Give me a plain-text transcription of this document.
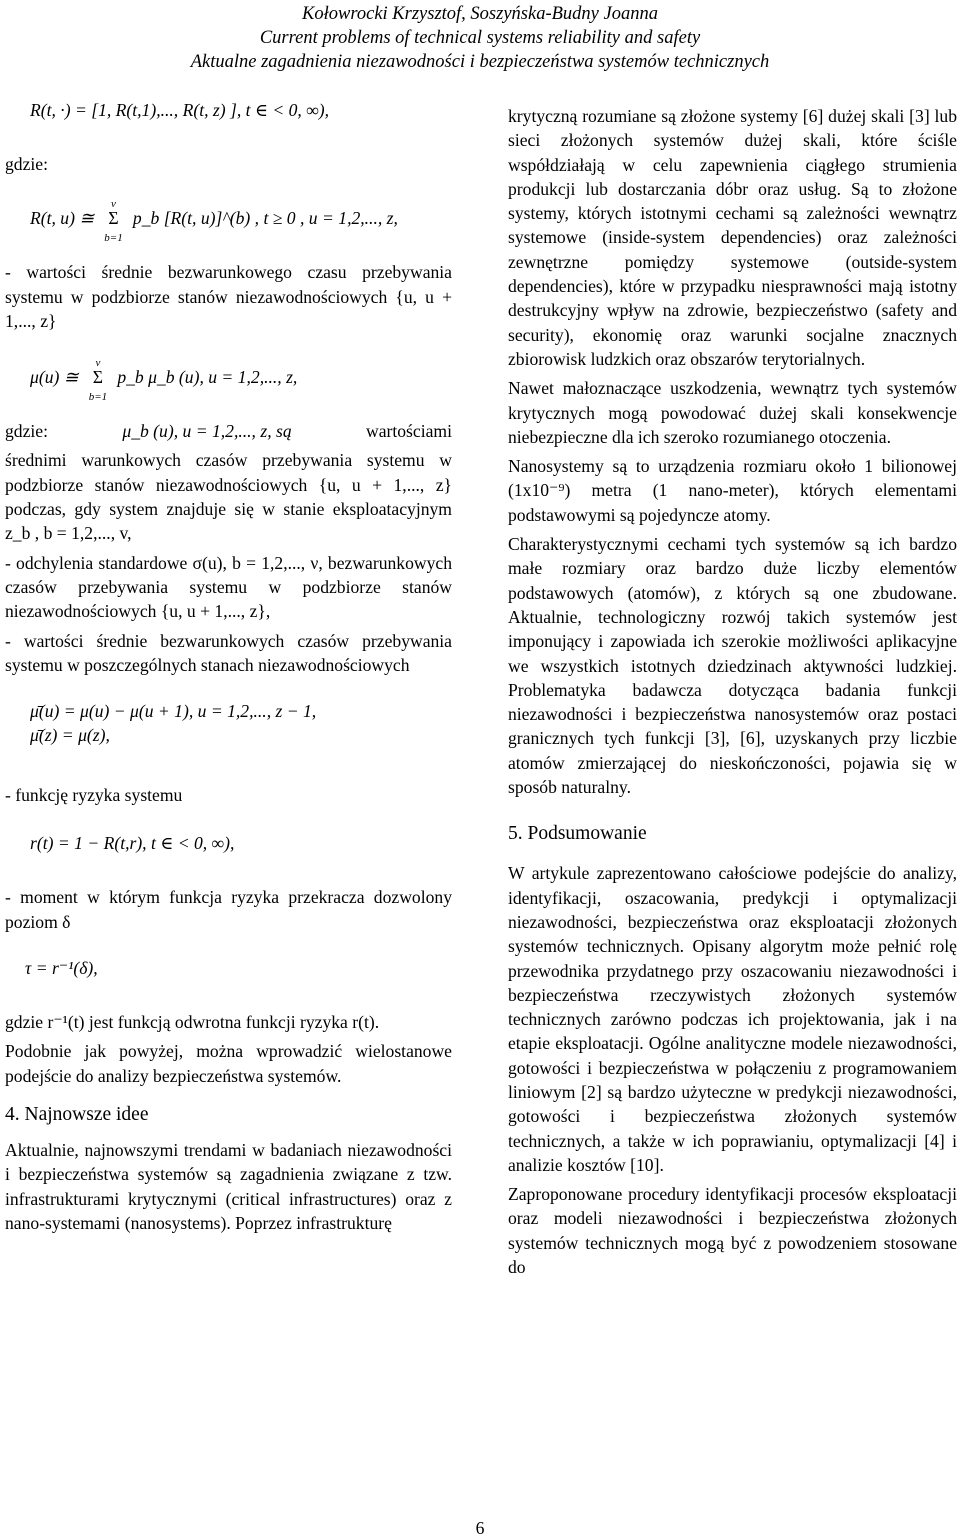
Kołowrocki Krzysztof, Soszyńska-Budny Joanna
Current problems of technical systems reliability and safety
Aktualne zagadnienia niezawodności i bezpieczeństwa systemów technicznych
R(t, ·) = [1, R(t,1),..., R(t, z) ], t ∈ < 0, ∞),
gdzie:
R(t, u) ≅ Σ
v
b=1
p_b [R(t, u)]^(b) , t ≥ 0 , u = 1,2,..., z,
- wartości średnie bezwarunkowego czasu przebywania systemu w podzbiorze stanów niezawodnościowych {u, u + 1,..., z}
μ(u) ≅ Σ
v
b=1
p_b μ_b (u), u = 1,2,..., z,
gdzie:	μ_b (u), u = 1,2,..., z, są	wartościami
średnimi warunkowych czasów przebywania systemu w podzbiorze stanów niezawodnościowych {u, u + 1,..., z} podczas, gdy system znajduje się w stanie eksploatacyjnym z_b , b = 1,2,..., v,
- odchylenia standardowe σ(u), b = 1,2,..., ν, bezwarunkowych czasów przebywania systemu w podzbiorze stanów niezawodnościowych {u, u + 1,..., z},
- wartości średnie bezwarunkowych czasów przebywania systemu w poszczególnych stanach niezawodnościowych
μ̄(u) = μ(u) − μ(u + 1), u = 1,2,..., z − 1,
μ̄(z) = μ(z),
- funkcję ryzyka systemu
r(t) = 1 − R(t,r), t ∈ < 0, ∞),
- moment w którym funkcja ryzyka przekracza dozwolony poziom δ
τ = r⁻¹(δ),
gdzie r⁻¹(t) jest funkcją odwrotna funkcji ryzyka r(t).
Podobnie jak powyżej, można wprowadzić wielostanowe podejście do analizy bezpieczeństwa systemów.
4. Najnowsze idee
Aktualnie, najnowszymi trendami w badaniach niezawodności i bezpieczeństwa systemów są zagadnienia związane z tzw. infrastrukturami krytycznymi (critical infrastructures) oraz z nano-systemami (nanosystems). Poprzez infrastrukturę
krytyczną rozumiane są złożone systemy [6] dużej skali [3] lub sieci złożonych systemów dużej skali, które ściśle współdziałają w celu zapewnienia ciągłego strumienia produkcji lub dostarczania dóbr oraz usług. Są to złożone systemy, których istotnymi cechami są zależności wewnątrz systemowe (inside-system dependencies) oraz zależności zewnętrzne pomiędzy systemowe (outside-system dependencies), które w przypadku niesprawności mają istotny destrukcyjny wpływ na zdrowie, bezpieczeństwo (safety and security), ekonomię oraz warunki socjalne znacznych zbiorowisk ludzkich oraz obszarów terytorialnych.
Nawet małoznaczące uszkodzenia, wewnątrz tych systemów krytycznych mogą powodować dużej skali konsekwencje niebezpieczne dla ich szeroko rozumianego otoczenia.
Nanosystemy są to urządzenia rozmiaru około 1 bilionowej (1x10⁻⁹) metra (1 nano-meter), których elementami podstawowymi są pojedyncze atomy.
Charakterystycznymi cechami tych systemów są ich bardzo małe rozmiary oraz bardzo duże liczby elementów podstawowych (atomów), z których są one zbudowane. Aktualnie, technologiczny rozwój takich systemów jest imponujący i zapowiada ich szerokie możliwości aplikacyjne we wszystkich istotnych dziedzinach aktywności ludzkiej. Problematyka badawcza dotycząca badania funkcji niezawodności i bezpieczeństwa nanosystemów oraz postaci granicznych tych funkcji [3], [6], uzyskanych przy liczbie atomów zmierzającej do nieskończoności, pojawia się w sposób naturalny.
5. Podsumowanie
W artykule zaprezentowano całościowe podejście do analizy, identyfikacji, oszacowania, predykcji i optymalizacji niezawodności, bezpieczeństwa oraz eksploatacji złożonych systemów technicznych. Opisany algorytm może pełnić rolę przewodnika przydatnego przy oszacowaniu niezawodności i bezpieczeństwa rzeczywistych złożonych systemów technicznych zarówno podczas ich projektowania, jak i na etapie eksploatacji. Ogólne analityczne modele niezawodności, gotowości i bezpieczeństwa w połączeniu z programowaniem liniowym [2] są bardzo użyteczne w predykcji niezawodności, gotowości i bezpieczeństwa złożonych systemów technicznych, a także w ich poprawianiu, optymalizacji [4] i analizie kosztów [10].
Zaproponowane procedury identyfikacji procesów eksploatacji oraz modeli niezawodności i bezpieczeństwa złożonych systemów technicznych mogą być z powodzeniem stosowane do
6
